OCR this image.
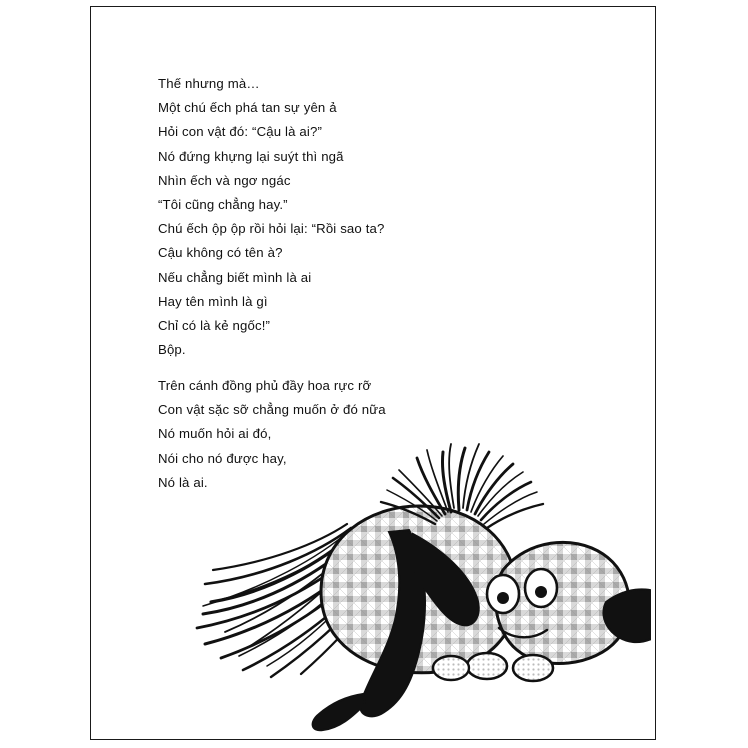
Thế nhưng mà…
Một chú ếch phá tan sự yên ả
Hỏi con vật đó: “Cậu là ai?”
Nó đứng khựng lại suýt thì ngã
Nhìn ếch và ngơ ngác
“Tôi cũng chẳng hay.”
Chú ếch ộp ộp rồi hỏi lại: “Rồi sao ta?
Cậu không có tên à?
Nếu chẳng biết mình là ai
Hay tên mình là gì
Chỉ có là kẻ ngốc!”
Bộp.
Trên cánh đồng phủ đầy hoa rực rỡ
Con vật sặc sỡ chẳng muốn ở đó nữa
Nó muốn hỏi ai đó,
Nói cho nó được hay,
Nó là ai.
